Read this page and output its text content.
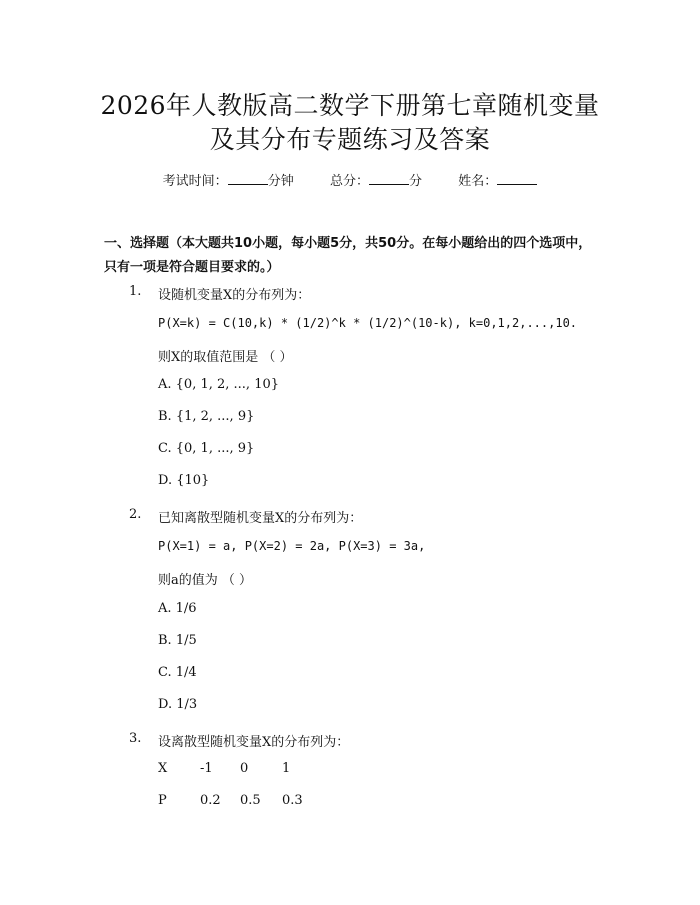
2026年人教版高二数学下册第七章随机变量
及其分布专题练习及答案
考试时间：	分钟	总分：	分	姓名：
一、选择题（本大题共10小题，每小题5分，共50分。在每小题给出的四个选项中，只有一项是符合题目要求的。）
1. 设随机变量X的分布列为：
P(X=k) = C(10,k) * (1/2)^k * (1/2)^(10-k), k=0,1,2,...,10.
则X的取值范围是 （ ）
A. {0, 1, 2, ..., 10}
B. {1, 2, ..., 9}
C. {0, 1, ..., 9}
D. {10}
2. 已知离散型随机变量X的分布列为：
P(X=1) = a, P(X=2) = 2a, P(X=3) = 3a,
则a的值为 （ ）
A. 1/6
B. 1/5
C. 1/4
D. 1/3
3. 设离散型随机变量X的分布列为：
X	-1 0	1
P	0.2 0.5 0.3
